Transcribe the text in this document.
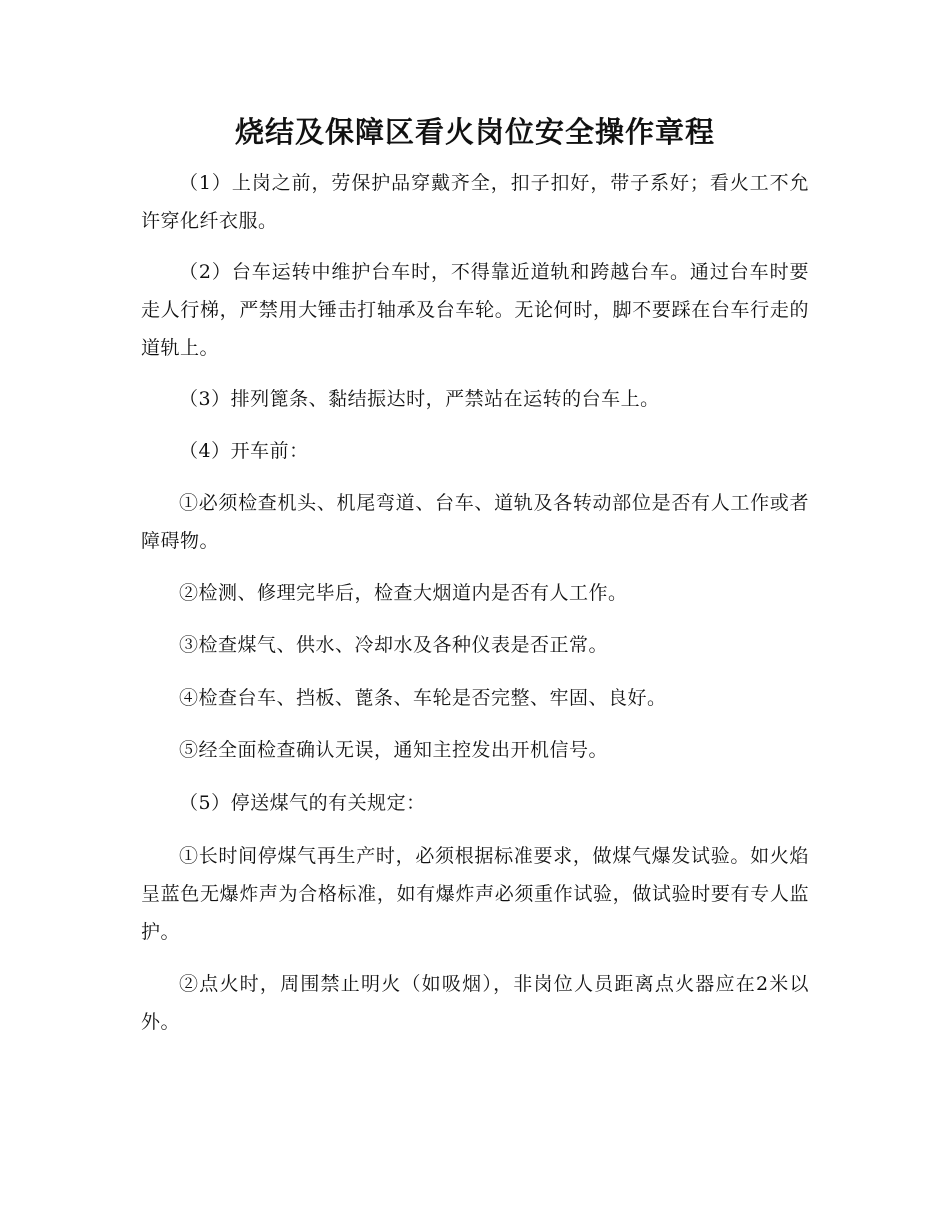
烧结及保障区看火岗位安全操作章程

（1）上岗之前，劳保护品穿戴齐全，扣子扣好，带子系好；看火工不允许穿化纤衣服。

（2）台车运转中维护台车时，不得靠近道轨和跨越台车。通过台车时要走人行梯，严禁用大锤击打轴承及台车轮。无论何时，脚不要踩在台车行走的道轨上。

（3）排列篦条、黏结振达时，严禁站在运转的台车上。

（4）开车前：

①必须检查机头、机尾弯道、台车、道轨及各转动部位是否有人工作或者障碍物。

②检测、修理完毕后，检查大烟道内是否有人工作。

③检查煤气、供水、冷却水及各种仪表是否正常。

④检查台车、挡板、蓖条、车轮是否完整、牢固、良好。

⑤经全面检查确认无误，通知主控发出开机信号。

（5）停送煤气的有关规定：

①长时间停煤气再生产时，必须根据标准要求，做煤气爆发试验。如火焰呈蓝色无爆炸声为合格标准，如有爆炸声必须重作试验，做试验时要有专人监护。

②点火时，周围禁止明火（如吸烟），非岗位人员距离点火器应在2米以外。
